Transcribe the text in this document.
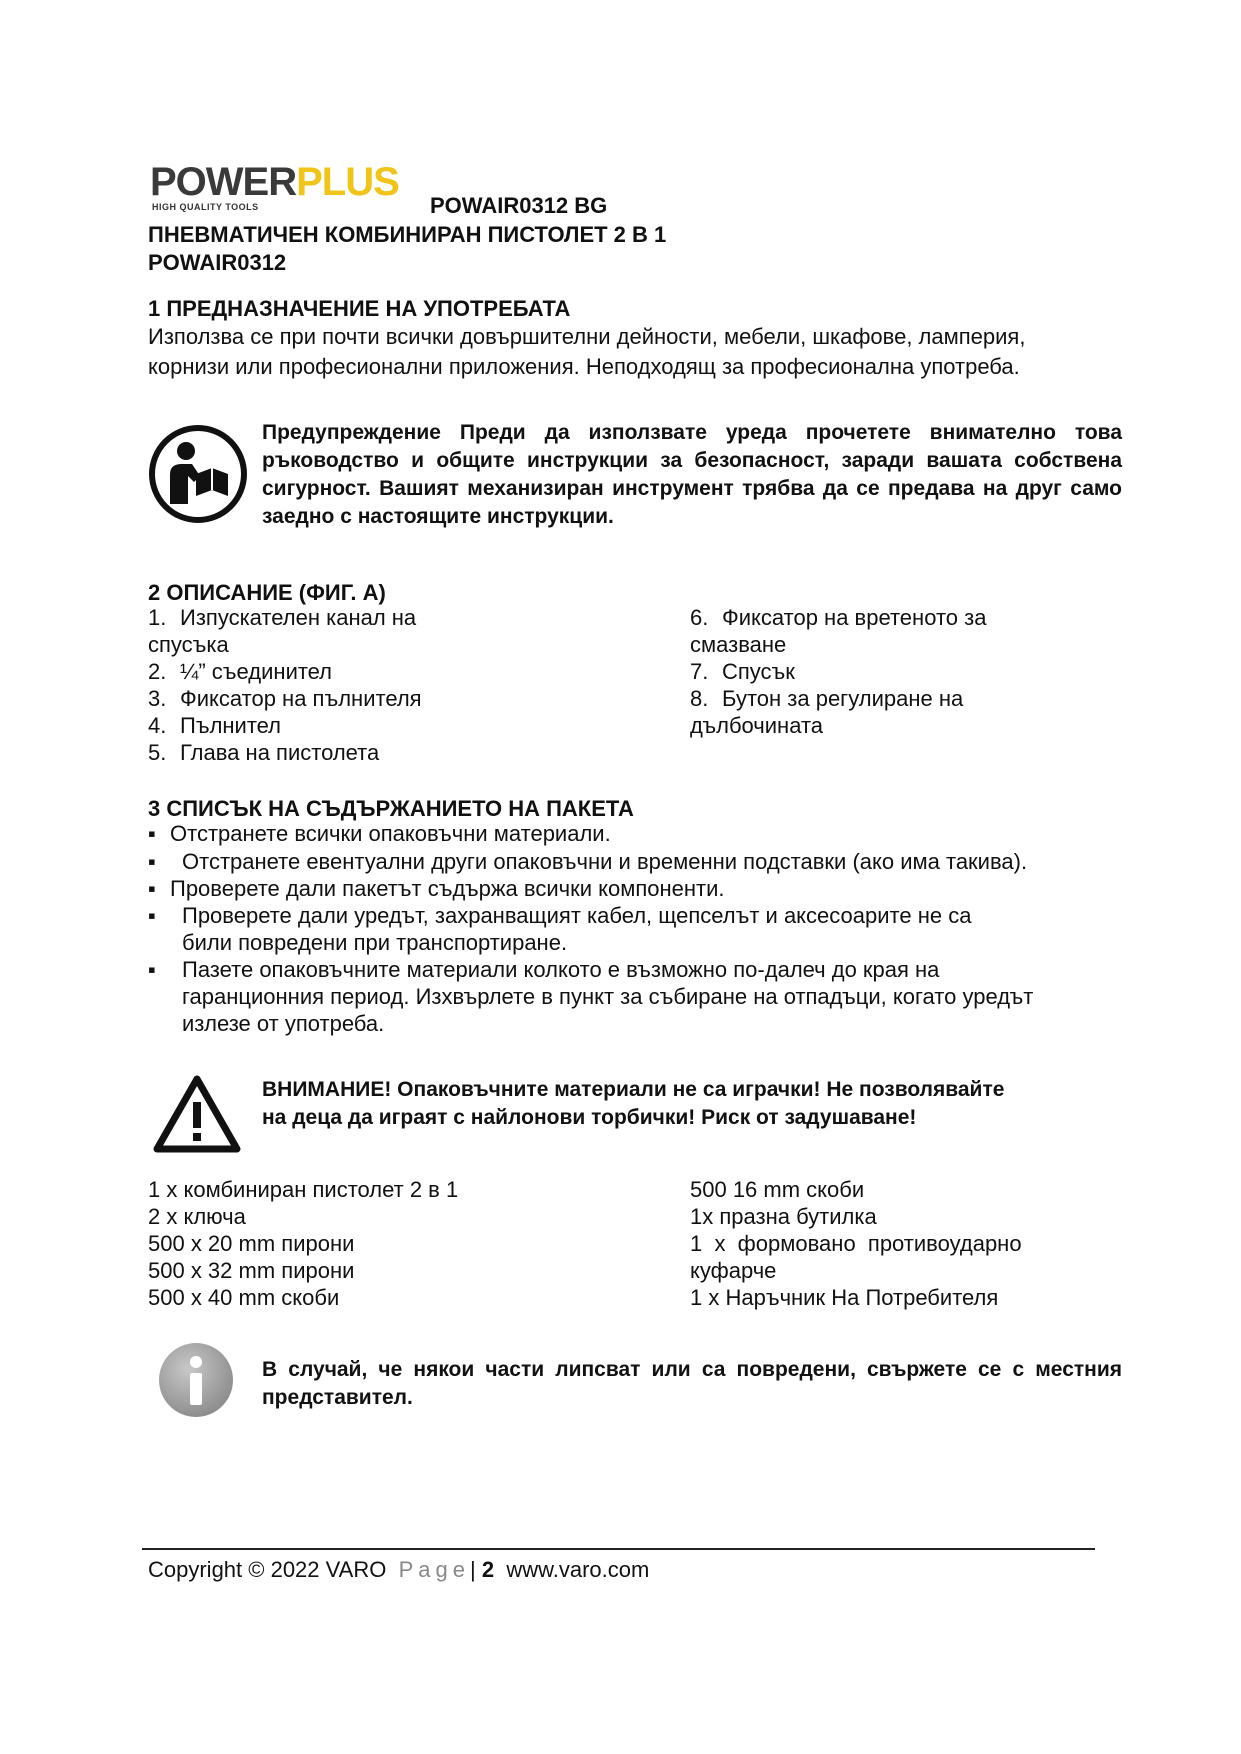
POWERPLUS
HIGH QUALITY TOOLS	POWAIR0312 BG
ПНЕВМАТИЧЕН КОМБИНИРАН ПИСТОЛЕТ 2 В 1
POWAIR0312
1 ПРЕДНАЗНАЧЕНИЕ НА УПОТРЕБАТА
Използва се при почти всички довършителни дейности, мебели, шкафове, ламперия, корнизи или професионални приложения. Неподходящ за професионална употреба.
Предупреждение Преди да използвате уреда прочетете внимателно това ръководство и общите инструкции за безопасност, заради вашата собствена сигурност. Вашият механизиран инструмент трябва да се предава на друг само заедно с настоящите инструкции.
2 ОПИСАНИЕ (ФИГ. А)
1. Изпускателен канал на
спусъка
2. ¼” съединител
3. Фиксатор на пълнителя
4. Пълнител
5. Глава на пистолета
6. Фиксатор на вретеното за
смазване
7. Спусък
8. Бутон за регулиране на
дълбочината
3 СПИСЪК НА СЪДЪРЖАНИЕТО НА ПАКЕТА
▪ Отстранете всички опаковъчни материали.
▪ Отстранете евентуални други опаковъчни и временни подставки (ако има такива).
▪ Проверете дали пакетът съдържа всички компоненти.
▪ Проверете дали уредът, захранващият кабел, щепселът и аксесоарите не са били повредени при транспортиране.
▪ Пазете опаковъчните материали колкото е възможно по-далеч до края на гаранционния период. Изхвърлете в пункт за събиране на отпадъци, когато уредът излезе от употреба.
ВНИМАНИЕ! Опаковъчните материали не са играчки! Не позволявайте
на деца да играят с найлонови торбички! Риск от задушаване!
1 x комбиниран пистолет 2 в 1
2 x ключа
500 x 20 mm пирони
500 x 32 mm пирони
500 x 40 mm скоби
500 16 mm скоби
1x празна бутилка
1  x  формовано  противоударно
куфарче
1 x Наръчник На Потребителя
В случай, че някои части липсват или са повредени, свържете се с местния представител.
Copyright © 2022 VARO Page| 2 www.varo.com
